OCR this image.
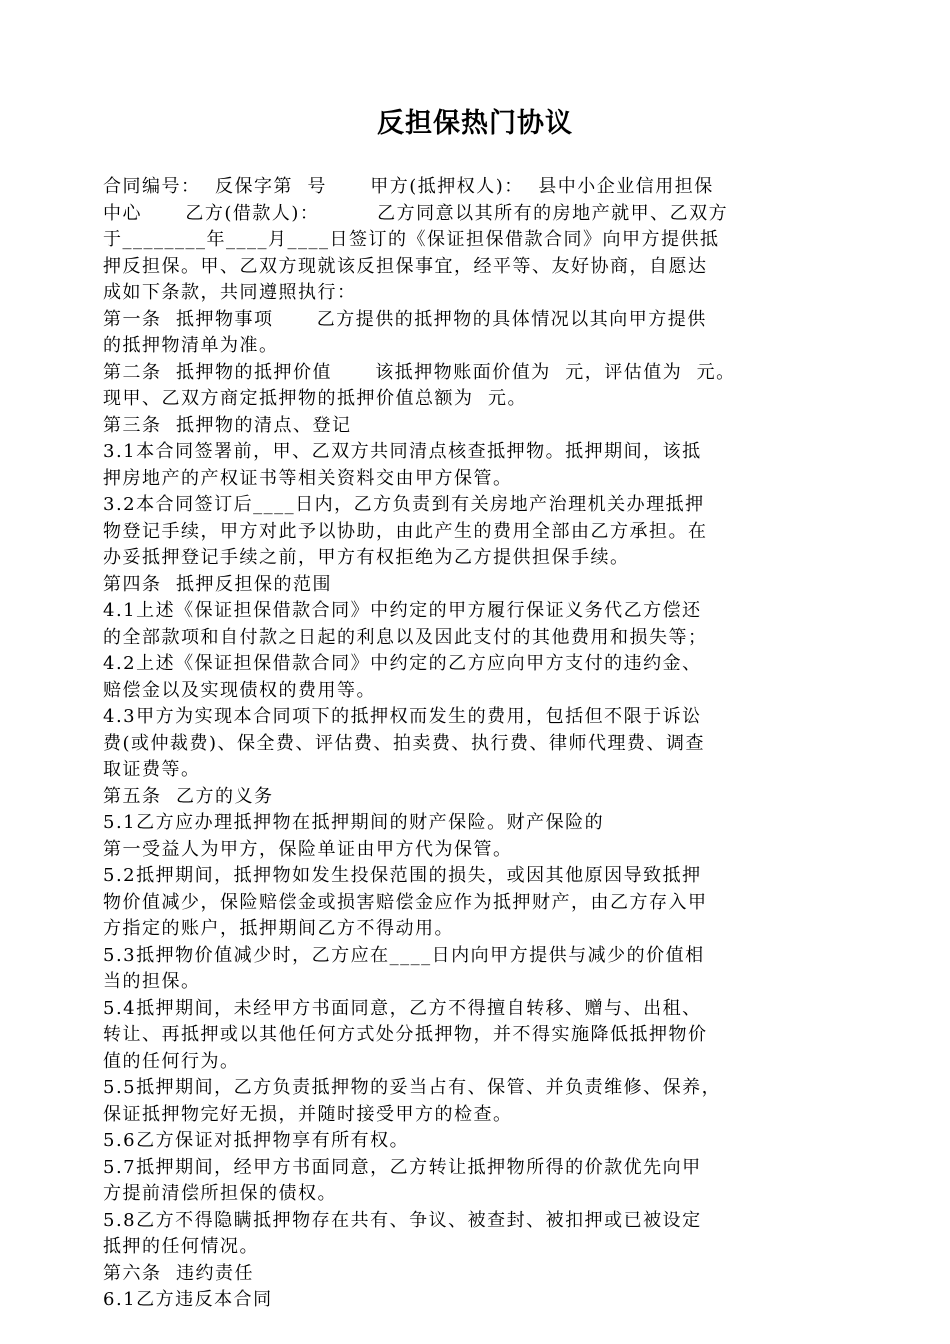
反担保热门协议
合同编号：  反保字第  号      甲方(抵押权人)：  县中小企业信用担保
中心      乙方(借款人)：        乙方同意以其所有的房地产就甲、乙双方
于________年____月____日签订的《保证担保借款合同》向甲方提供抵
押反担保。甲、乙双方现就该反担保事宜，经平等、友好协商，自愿达
成如下条款，共同遵照执行：
第一条  抵押物事项      乙方提供的抵押物的具体情况以其向甲方提供
的抵押物清单为准。
第二条  抵押物的抵押价值      该抵押物账面价值为  元，评估值为  元。
现甲、乙双方商定抵押物的抵押价值总额为  元。
第三条  抵押物的清点、登记
3.1本合同签署前，甲、乙双方共同清点核查抵押物。抵押期间，该抵
押房地产的产权证书等相关资料交由甲方保管。
3.2本合同签订后____日内，乙方负责到有关房地产治理机关办理抵押
物登记手续，甲方对此予以协助，由此产生的费用全部由乙方承担。在
办妥抵押登记手续之前，甲方有权拒绝为乙方提供担保手续。
第四条  抵押反担保的范围
4.1上述《保证担保借款合同》中约定的甲方履行保证义务代乙方偿还
的全部款项和自付款之日起的利息以及因此支付的其他费用和损失等；
4.2上述《保证担保借款合同》中约定的乙方应向甲方支付的违约金、
赔偿金以及实现债权的费用等。
4.3甲方为实现本合同项下的抵押权而发生的费用，包括但不限于诉讼
费(或仲裁费)、保全费、评估费、拍卖费、执行费、律师代理费、调查
取证费等。
第五条  乙方的义务
5.1乙方应办理抵押物在抵押期间的财产保险。财产保险的
第一受益人为甲方，保险单证由甲方代为保管。
5.2抵押期间，抵押物如发生投保范围的损失，或因其他原因导致抵押
物价值减少，保险赔偿金或损害赔偿金应作为抵押财产，由乙方存入甲
方指定的账户，抵押期间乙方不得动用。
5.3抵押物价值减少时，乙方应在____日内向甲方提供与减少的价值相
当的担保。
5.4抵押期间，未经甲方书面同意，乙方不得擅自转移、赠与、出租、
转让、再抵押或以其他任何方式处分抵押物，并不得实施降低抵押物价
值的任何行为。
5.5抵押期间，乙方负责抵押物的妥当占有、保管、并负责维修、保养，
保证抵押物完好无损，并随时接受甲方的检查。
5.6乙方保证对抵押物享有所有权。
5.7抵押期间，经甲方书面同意，乙方转让抵押物所得的价款优先向甲
方提前清偿所担保的债权。
5.8乙方不得隐瞒抵押物存在共有、争议、被查封、被扣押或已被设定
抵押的任何情况。
第六条  违约责任
6.1乙方违反本合同
